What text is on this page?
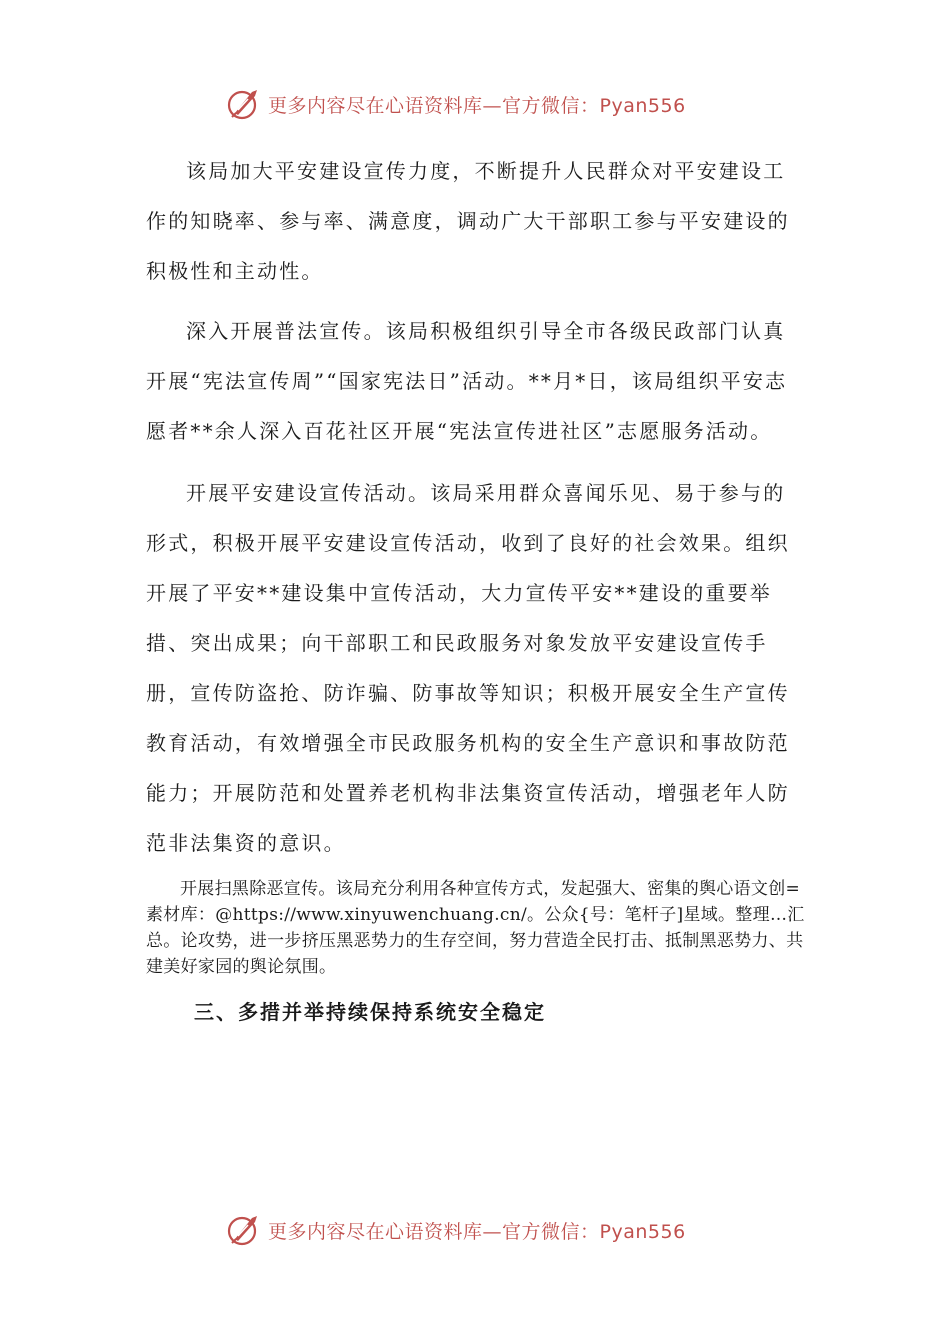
更多内容尽在心语资料库—官方微信：Pyan556

该局加大平安建设宣传力度，不断提升人民群众对平安建设工作的知晓率、参与率、满意度，调动广大干部职工参与平安建设的积极性和主动性。

深入开展普法宣传。该局积极组织引导全市各级民政部门认真开展“宪法宣传周”“国家宪法日”活动。**月*日，该局组织平安志愿者**余人深入百花社区开展“宪法宣传进社区”志愿服务活动。

开展平安建设宣传活动。该局采用群众喜闻乐见、易于参与的形式，积极开展平安建设宣传活动，收到了良好的社会效果。组织开展了平安**建设集中宣传活动，大力宣传平安**建设的重要举措、突出成果；向干部职工和民政服务对象发放平安建设宣传手册，宣传防盗抢、防诈骗、防事故等知识；积极开展安全生产宣传教育活动，有效增强全市民政服务机构的安全生产意识和事故防范能力；开展防范和处置养老机构非法集资宣传活动，增强老年人防范非法集资的意识。

开展扫黑除恶宣传。该局充分利用各种宣传方式，发起强大、密集的舆心语文创=素材库：@https://www.xinyuwenchuang.cn/。公众{号：笔杆子]星域。整理…汇总。论攻势，进一步挤压黑恶势力的生存空间，努力营造全民打击、抵制黑恶势力、共建美好家园的舆论氛围。

三、多措并举持续保持系统安全稳定
更多内容尽在心语资料库—官方微信：Pyan556
